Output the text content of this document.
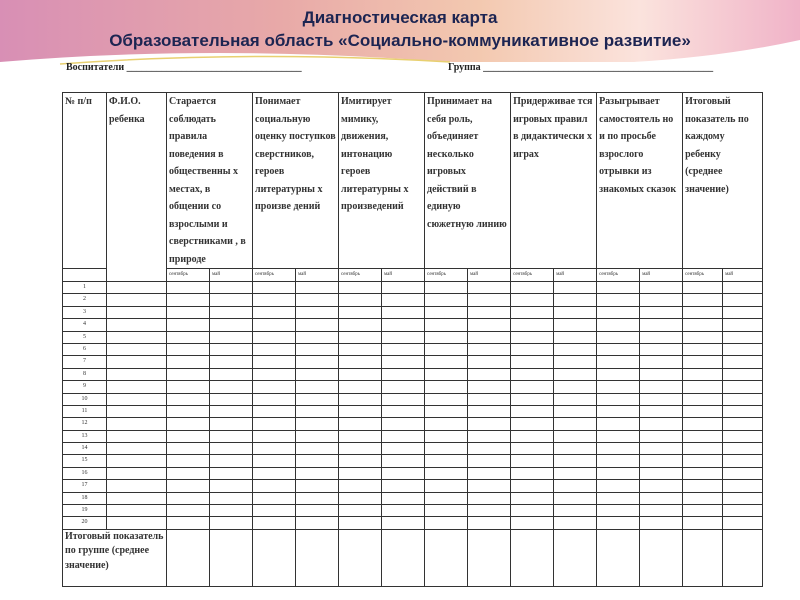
Диагностическая карта
Образовательная область «Социально-коммуникативное развитие»
Воспитатели ___________________________________	Группа ______________________________________________
№ п/п	Ф.И.О. ребенка	Старается соблюдать правила поведения в общественны х местах, в общении со взрослыми и сверстниками , в природе		Понимает социальную оценку поступков сверстников, героев литературны х произве дений		Имитирует мимику, движения, интонацию героев литературны х произведений		Принимает на себя роль, объединяет несколько игровых действий в единую сюжетную линию		Придерживае тся игровых правил в дидактически х играх		Разыгрывает самостоятель но и по просьбе взрослого отрывки из знакомых сказок		Итоговый показатель по каждому ребенку (среднее значение)	
		сентябрь	май	сентябрь	май	сентябрь	май	сентябрь	май	сентябрь	май	сентябрь	май	сентябрь	май
1															
2															
3															
4															
5															
6															
7															
8															
9															
10															
11															
12															
13															
14															
15															
16															
17															
18															
19															
20															
Итоговый показатель по группе (среднее значение)															
